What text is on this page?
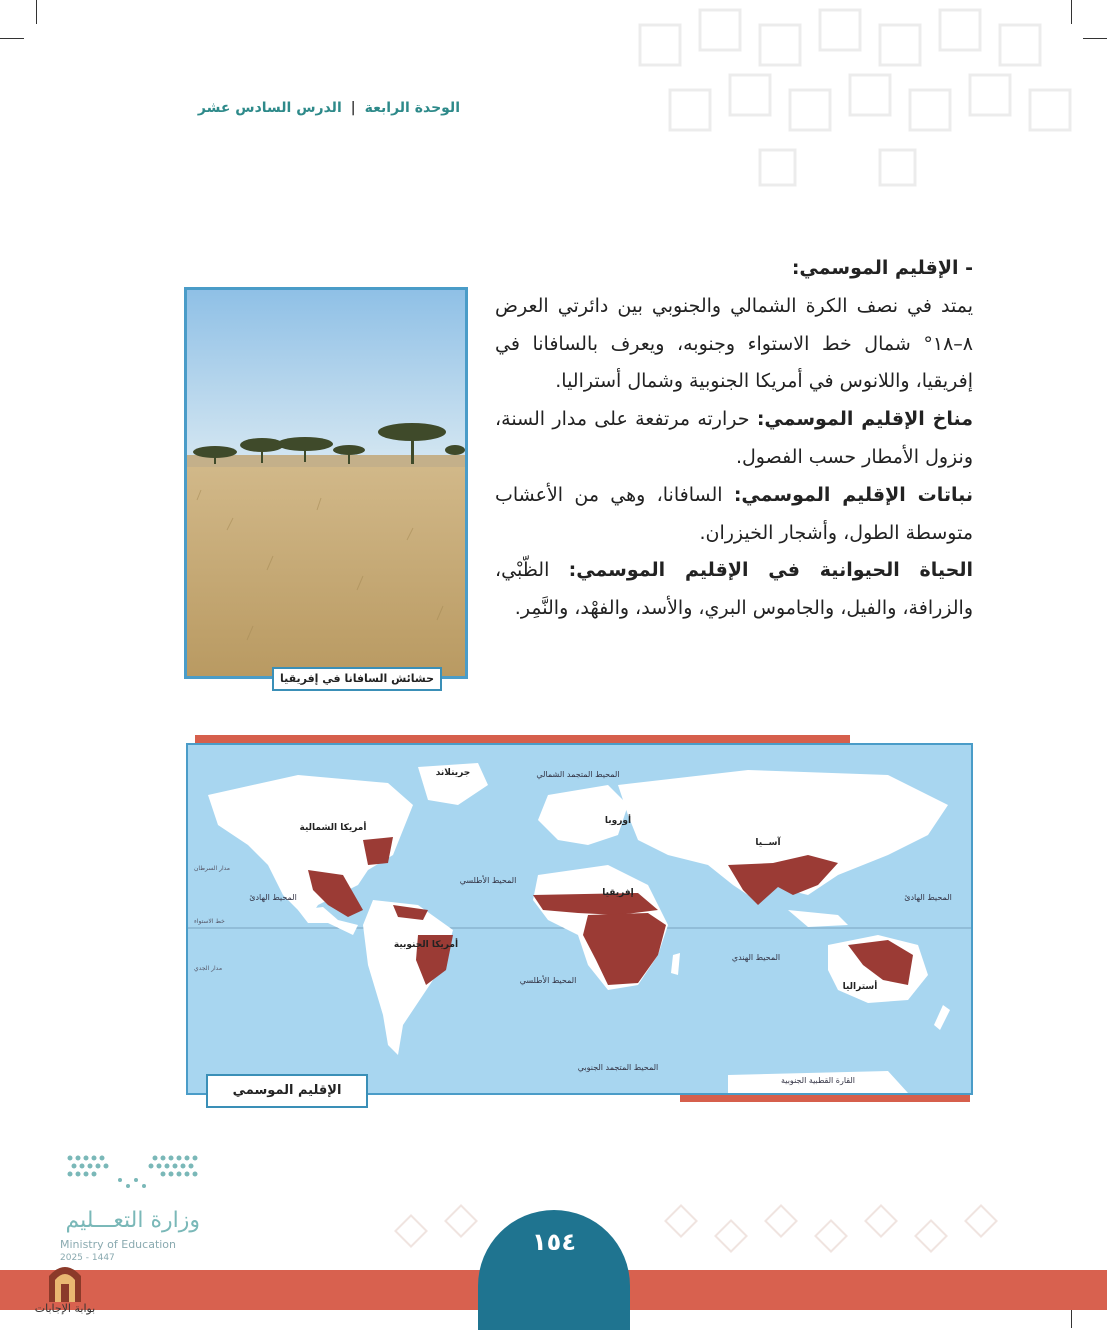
الوحدة الرابعة | الدرس السادس عشر

- الإقليم الموسمي:

يمتد في نصف الكرة الشمالي والجنوبي بين دائرتي العرض ٨–١٨° شمال خط الاستواء وجنوبه، ويعرف بالسافانا في إفريقيا، واللانوس في أمريكا الجنوبية وشمال أستراليا.

مناخ الإقليم الموسمي: حرارته مرتفعة على مدار السنة، ونزول الأمطار حسب الفصول.

نباتات الإقليم الموسمي: السافانا، وهي من الأعشاب متوسطة الطول، وأشجار الخيزران.

الحياة الحيوانية في الإقليم الموسمي: الظّبْي، والزرافة، والفيل، والجاموس البري، والأسد، والفهْد، والنَّمِر.

حشائش السافانا في إفريقيا
جرينلاند
أمريكا الشمالية
أوروبا
آســيا
إفريقيا
أمريكا الجنوبية
أستراليا
المحيط المتجمد الشمالي
المحيط الهادئ	المحيط الهادئ
المحيط الأطلسي
المحيط الأطلسي
المحيط الهندي
المحيط المتجمد الجنوبي
القارة القطبية الجنوبية
مدار السرطان
خط الاستواء
مدار الجدي
الإقليم الموسمي
١٥٤
وزارة التعـــليم
Ministry of Education
2025 - 1447
بوابة الإجابات
